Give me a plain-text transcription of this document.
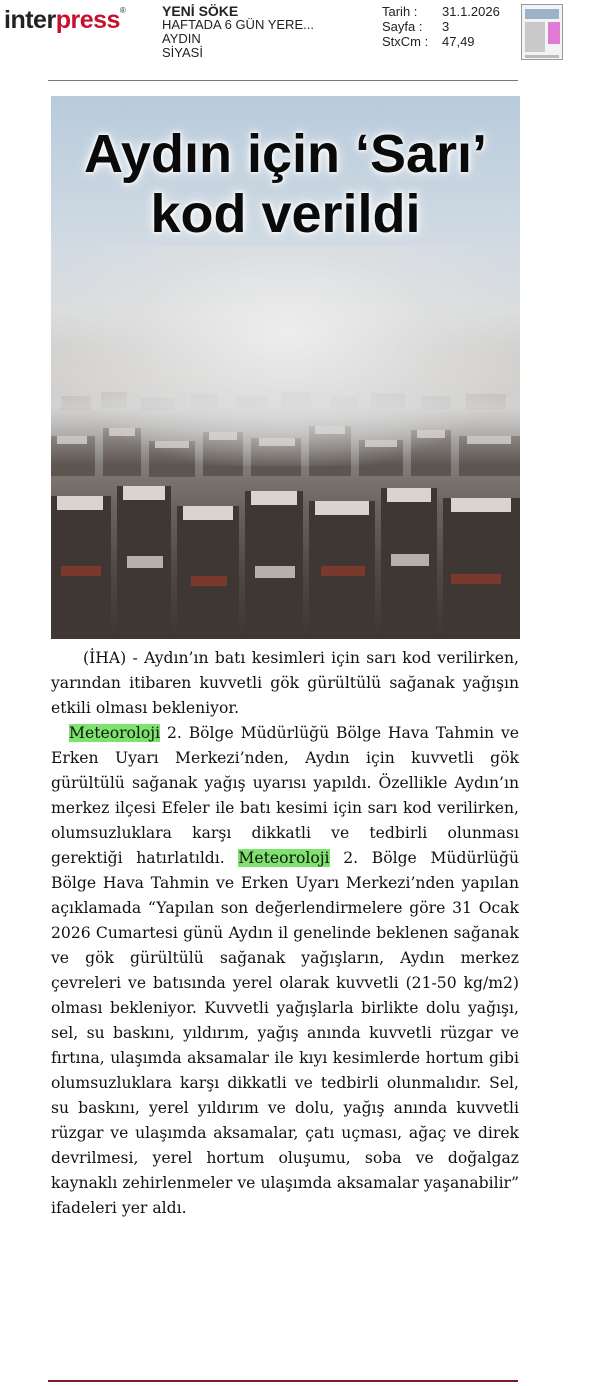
interpress®	YENİ SÖKE
HAFTADA 6 GÜN YERE...
AYDIN
SİYASİ
Tarih :	31.1.2026
Sayfa :	3
StxCm :	47,49
Aydın için ‘Sarı’
kod verildi

(İHA) - Aydın’ın batı kesimleri için sarı kod verilirken, yarından itibaren kuvvetli gök gürültülü sağanak yağışın etkili olması bekleniyor.

Meteoroloji 2. Bölge Müdürlüğü Bölge Hava Tahmin ve Erken Uyarı Merkezi’nden, Aydın için kuvvetli gök gürültülü sağanak yağış uyarısı yapıldı. Özellikle Aydın’ın merkez ilçesi Efeler ile batı kesimi için sarı kod verilirken, olumsuzluklara karşı dikkatli ve tedbirli olunması gerektiği hatırlatıldı. Meteoroloji 2. Bölge Müdürlüğü Bölge Hava Tahmin ve Erken Uyarı Merkezi’nden yapılan açıklamada “Yapılan son değerlendirmelere göre 31 Ocak 2026 Cumartesi günü Aydın il genelinde beklenen sağanak ve gök gürültülü sağanak yağışların, Aydın merkez çevreleri ve batısında yerel olarak kuvvetli (21-50 kg/m2) olması bekleniyor. Kuvvetli yağışlarla birlikte dolu yağışı, sel, su baskını, yıldırım, yağış anında kuvvetli rüzgar ve fırtına, ulaşımda aksamalar ile kıyı kesimlerde hortum gibi olumsuzluklara karşı dikkatli ve tedbirli olunmalıdır. Sel, su baskını, yerel yıldırım ve dolu, yağış anında kuvvetli rüzgar ve ulaşımda aksamalar, çatı uçması, ağaç ve direk devrilmesi, yerel hortum oluşumu, soba ve doğalgaz kaynaklı zehirlenmeler ve ulaşımda aksamalar yaşanabilir” ifadeleri yer aldı.
